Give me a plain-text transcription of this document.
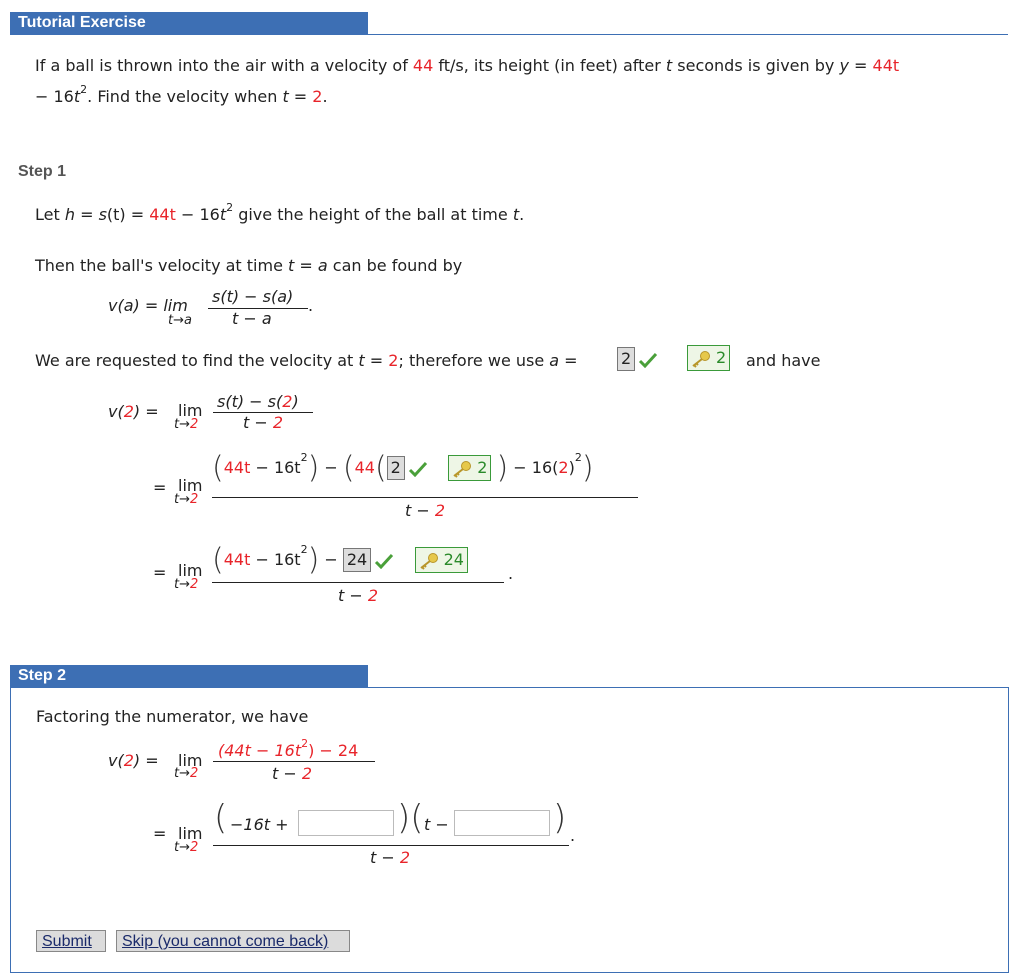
Tutorial Exercise
If a ball is thrown into the air with a velocity of 44 ft/s, its height (in feet) after t seconds is given by y = 44t
− $16t^2$. Find the velocity when t = 2.
Step 1
Let $h = s(t) = 44t - 16t^2$ give the height of the ball at time t.
Then the ball's velocity at time t = a can be found by
v(a) = lim
t→a
s(t) − s(a)
t − a
.
We are requested to find the velocity at t = 2; therefore we use a =	2	2 and have
v(2) = lim
t→2
s(t) − s(2)
t − 2
= lim
t→2
$(44t - 16t^2) - (44$( 2	2 ) − $16(2)^2$)
t − 2
= lim
t→2
$(44t - 16t^2) - 24$	24
.
t − 2
Step 2
Factoring the numerator, we have
v(2) = lim
t→2
$(44t - 16t^2) - 24$
t − 2
= lim
t→2
( −16t +	)( t −	) .
t − 2
Submit	Skip (you cannot come back)
